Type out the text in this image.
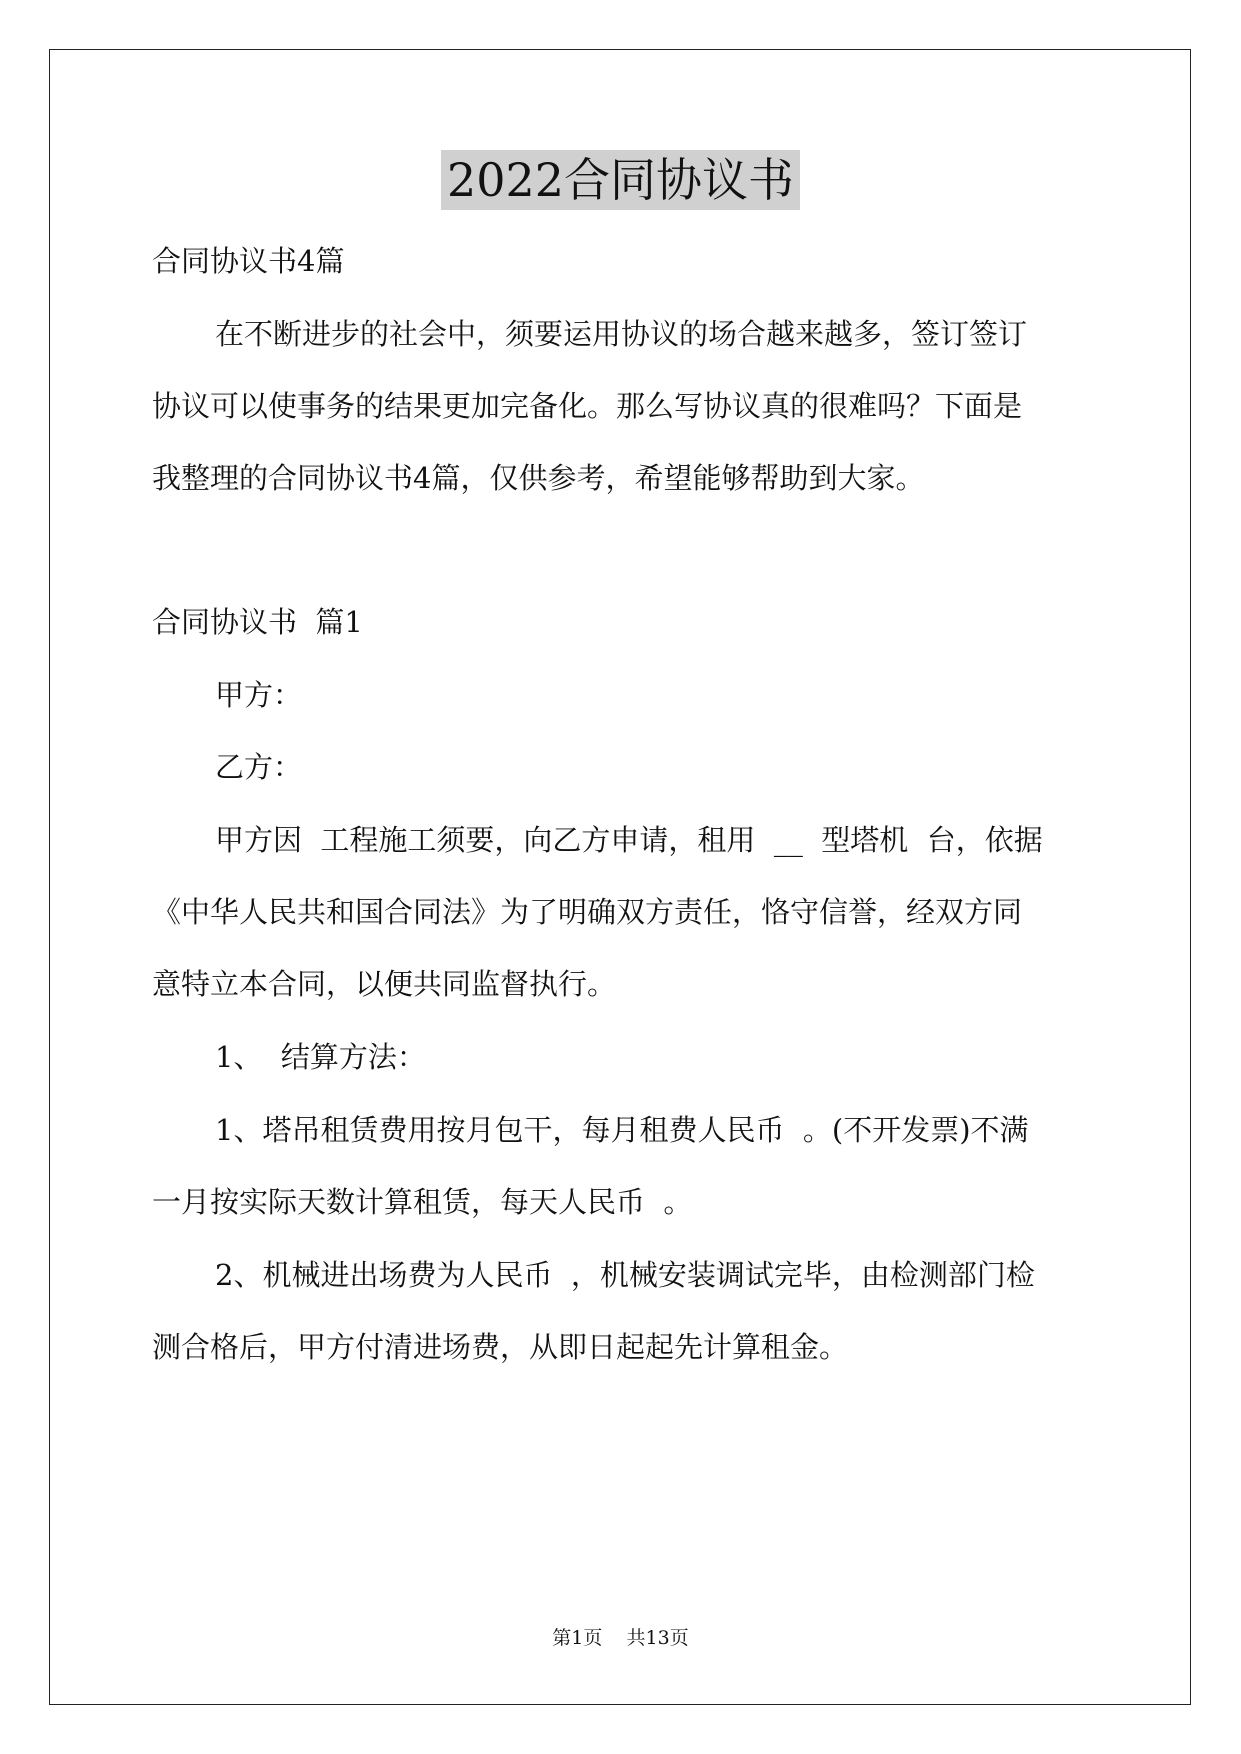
2022合同协议书
合同协议书4篇
在不断进步的社会中，须要运用协议的场合越来越多，签订签订
协议可以使事务的结果更加完备化。那么写协议真的很难吗？下面是
我整理的合同协议书4篇，仅供参考，希望能够帮助到大家。
合同协议书  篇1
甲方：
乙方：
甲方因  工程施工须要，向乙方申请，租用  __  型塔机  台，依据
《中华人民共和国合同法》为了明确双方责任，恪守信誉，经双方同
意特立本合同，以便共同监督执行。
1、  结算方法：
1、塔吊租赁费用按月包干，每月租费人民币  。(不开发票)不满
一月按实际天数计算租赁，每天人民币  。
2、机械进出场费为人民币  ，机械安装调试完毕，由检测部门检
测合格后，甲方付清进场费，从即日起起先计算租金。
第1页    共13页
